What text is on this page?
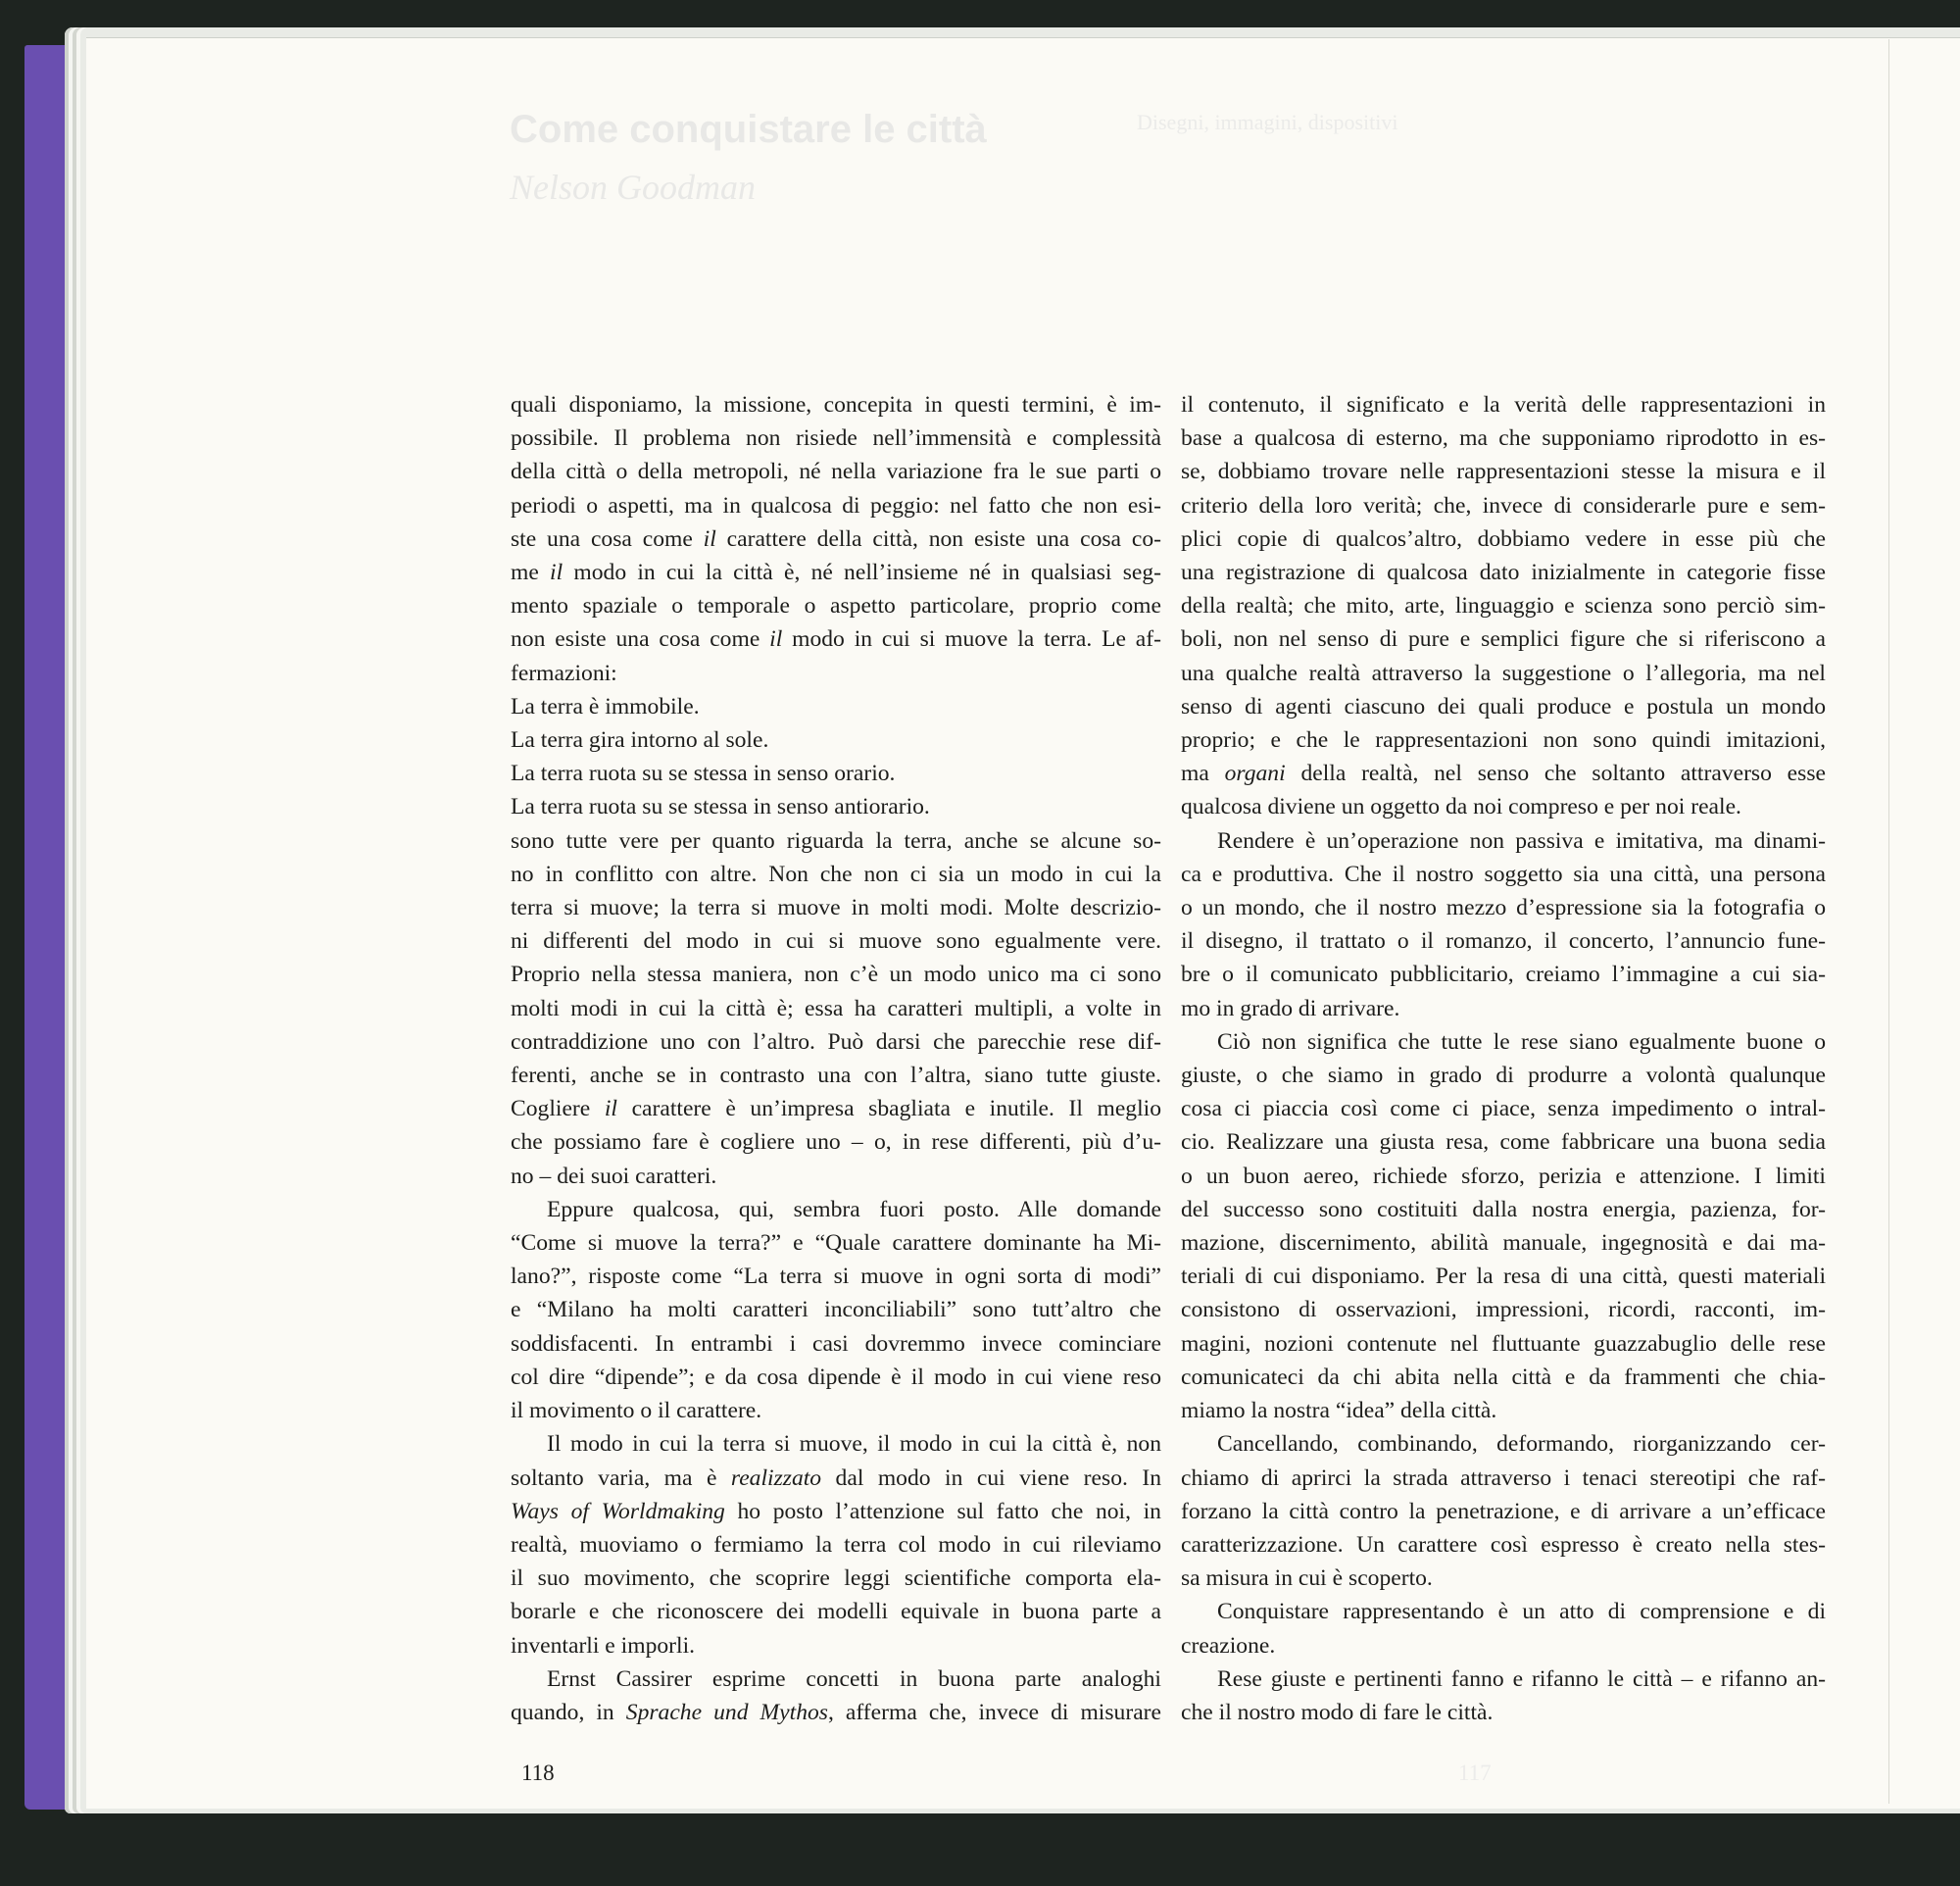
Come conquistare le città
Nelson Goodman
Disegni, immagini, dispositivi
quali disponiamo, la missione, concepita in questi termini, è im-
possibile. Il problema non risiede nell’immensità e complessità
della città o della metropoli, né nella variazione fra le sue parti o
periodi o aspetti, ma in qualcosa di peggio: nel fatto che non esi-
ste una cosa come il carattere della città, non esiste una cosa co-
me il modo in cui la città è, né nell’insieme né in qualsiasi seg-
mento spaziale o temporale o aspetto particolare, proprio come
non esiste una cosa come il modo in cui si muove la terra. Le af-
fermazioni:
La terra è immobile.
La terra gira intorno al sole.
La terra ruota su se stessa in senso orario.
La terra ruota su se stessa in senso antiorario.
sono tutte vere per quanto riguarda la terra, anche se alcune so-
no in conflitto con altre. Non che non ci sia un modo in cui la
terra si muove; la terra si muove in molti modi. Molte descrizio-
ni differenti del modo in cui si muove sono egualmente vere.
Proprio nella stessa maniera, non c’è un modo unico ma ci sono
molti modi in cui la città è; essa ha caratteri multipli, a volte in
contraddizione uno con l’altro. Può darsi che parecchie rese dif-
ferenti, anche se in contrasto una con l’altra, siano tutte giuste.
Cogliere il carattere è un’impresa sbagliata e inutile. Il meglio
che possiamo fare è cogliere uno – o, in rese differenti, più d’u-
no – dei suoi caratteri.
Eppure qualcosa, qui, sembra fuori posto. Alle domande
“Come si muove la terra?” e “Quale carattere dominante ha Mi-
lano?”, risposte come “La terra si muove in ogni sorta di modi”
e “Milano ha molti caratteri inconciliabili” sono tutt’altro che
soddisfacenti. In entrambi i casi dovremmo invece cominciare
col dire “dipende”; e da cosa dipende è il modo in cui viene reso
il movimento o il carattere.
Il modo in cui la terra si muove, il modo in cui la città è, non
soltanto varia, ma è realizzato dal modo in cui viene reso. In
Ways of Worldmaking ho posto l’attenzione sul fatto che noi, in
realtà, muoviamo o fermiamo la terra col modo in cui rileviamo
il suo movimento, che scoprire leggi scientifiche comporta ela-
borarle e che riconoscere dei modelli equivale in buona parte a
inventarli e imporli.
Ernst Cassirer esprime concetti in buona parte analoghi
quando, in Sprache und Mythos, afferma che, invece di misurare
il contenuto, il significato e la verità delle rappresentazioni in
base a qualcosa di esterno, ma che supponiamo riprodotto in es-
se, dobbiamo trovare nelle rappresentazioni stesse la misura e il
criterio della loro verità; che, invece di considerarle pure e sem-
plici copie di qualcos’altro, dobbiamo vedere in esse più che
una registrazione di qualcosa dato inizialmente in categorie fisse
della realtà; che mito, arte, linguaggio e scienza sono perciò sim-
boli, non nel senso di pure e semplici figure che si riferiscono a
una qualche realtà attraverso la suggestione o l’allegoria, ma nel
senso di agenti ciascuno dei quali produce e postula un mondo
proprio; e che le rappresentazioni non sono quindi imitazioni,
ma organi della realtà, nel senso che soltanto attraverso esse
qualcosa diviene un oggetto da noi compreso e per noi reale.
Rendere è un’operazione non passiva e imitativa, ma dinami-
ca e produttiva. Che il nostro soggetto sia una città, una persona
o un mondo, che il nostro mezzo d’espressione sia la fotografia o
il disegno, il trattato o il romanzo, il concerto, l’annuncio fune-
bre o il comunicato pubblicitario, creiamo l’immagine a cui sia-
mo in grado di arrivare.
Ciò non significa che tutte le rese siano egualmente buone o
giuste, o che siamo in grado di produrre a volontà qualunque
cosa ci piaccia così come ci piace, senza impedimento o intral-
cio. Realizzare una giusta resa, come fabbricare una buona sedia
o un buon aereo, richiede sforzo, perizia e attenzione. I limiti
del successo sono costituiti dalla nostra energia, pazienza, for-
mazione, discernimento, abilità manuale, ingegnosità e dai ma-
teriali di cui disponiamo. Per la resa di una città, questi materiali
consistono di osservazioni, impressioni, ricordi, racconti, im-
magini, nozioni contenute nel fluttuante guazzabuglio delle rese
comunicateci da chi abita nella città e da frammenti che chia-
miamo la nostra “idea” della città.
Cancellando, combinando, deformando, riorganizzando cer-
chiamo di aprirci la strada attraverso i tenaci stereotipi che raf-
forzano la città contro la penetrazione, e di arrivare a un’efficace
caratterizzazione. Un carattere così espresso è creato nella stes-
sa misura in cui è scoperto.
Conquistare rappresentando è un atto di comprensione e di
creazione.
Rese giuste e pertinenti fanno e rifanno le città – e rifanno an-
che il nostro modo di fare le città.
118	117
